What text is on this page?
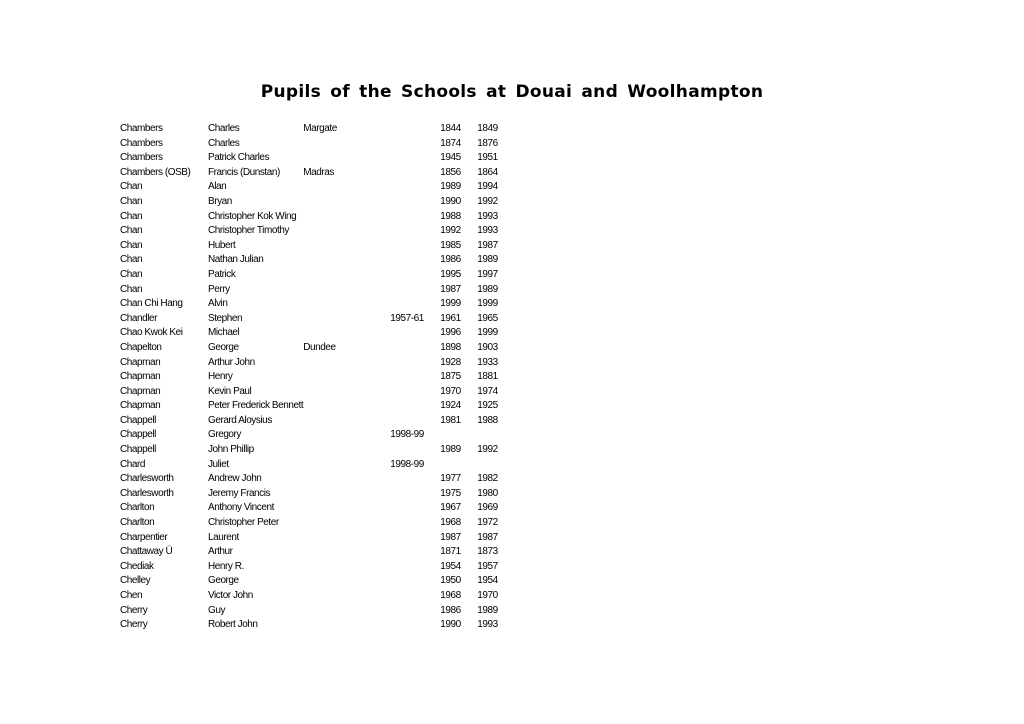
Pupils of the Schools at Douai and Woolhampton
Chambers	Charles	Margate		1844	1849
Chambers	Charles			1874	1876
Chambers	Patrick Charles			1945	1951
Chambers (OSB)	Francis (Dunstan)	Madras		1856	1864
Chan	Alan			1989	1994
Chan	Bryan			1990	1992
Chan	Christopher Kok Wing			1988	1993
Chan	Christopher Timothy			1992	1993
Chan	Hubert			1985	1987
Chan	Nathan Julian			1986	1989
Chan	Patrick			1995	1997
Chan	Perry			1987	1989
Chan Chi Hang	Alvin			1999	1999
Chandler	Stephen		1957-61	1961	1965
Chao Kwok Kei	Michael			1996	1999
Chapelton	George	Dundee		1898	1903
Chapman	Arthur John			1928	1933
Chapman	Henry			1875	1881
Chapman	Kevin Paul			1970	1974
Chapman	Peter Frederick Bennett			1924	1925
Chappell	Gerard Aloysius			1981	1988
Chappell	Gregory		1998-99		
Chappell	John Phillip			1989	1992
Chard	Juliet		1998-99		
Charlesworth	Andrew John			1977	1982
Charlesworth	Jeremy Francis			1975	1980
Charlton	Anthony Vincent			1967	1969
Charlton	Christopher Peter			1968	1972
Charpentier	Laurent			1987	1987
Chattaway Ü	Arthur			1871	1873
Chediak	Henry R.			1954	1957
Chelley	George			1950	1954
Chen	Victor John			1968	1970
Cherry	Guy			1986	1989
Cherry	Robert John			1990	1993
